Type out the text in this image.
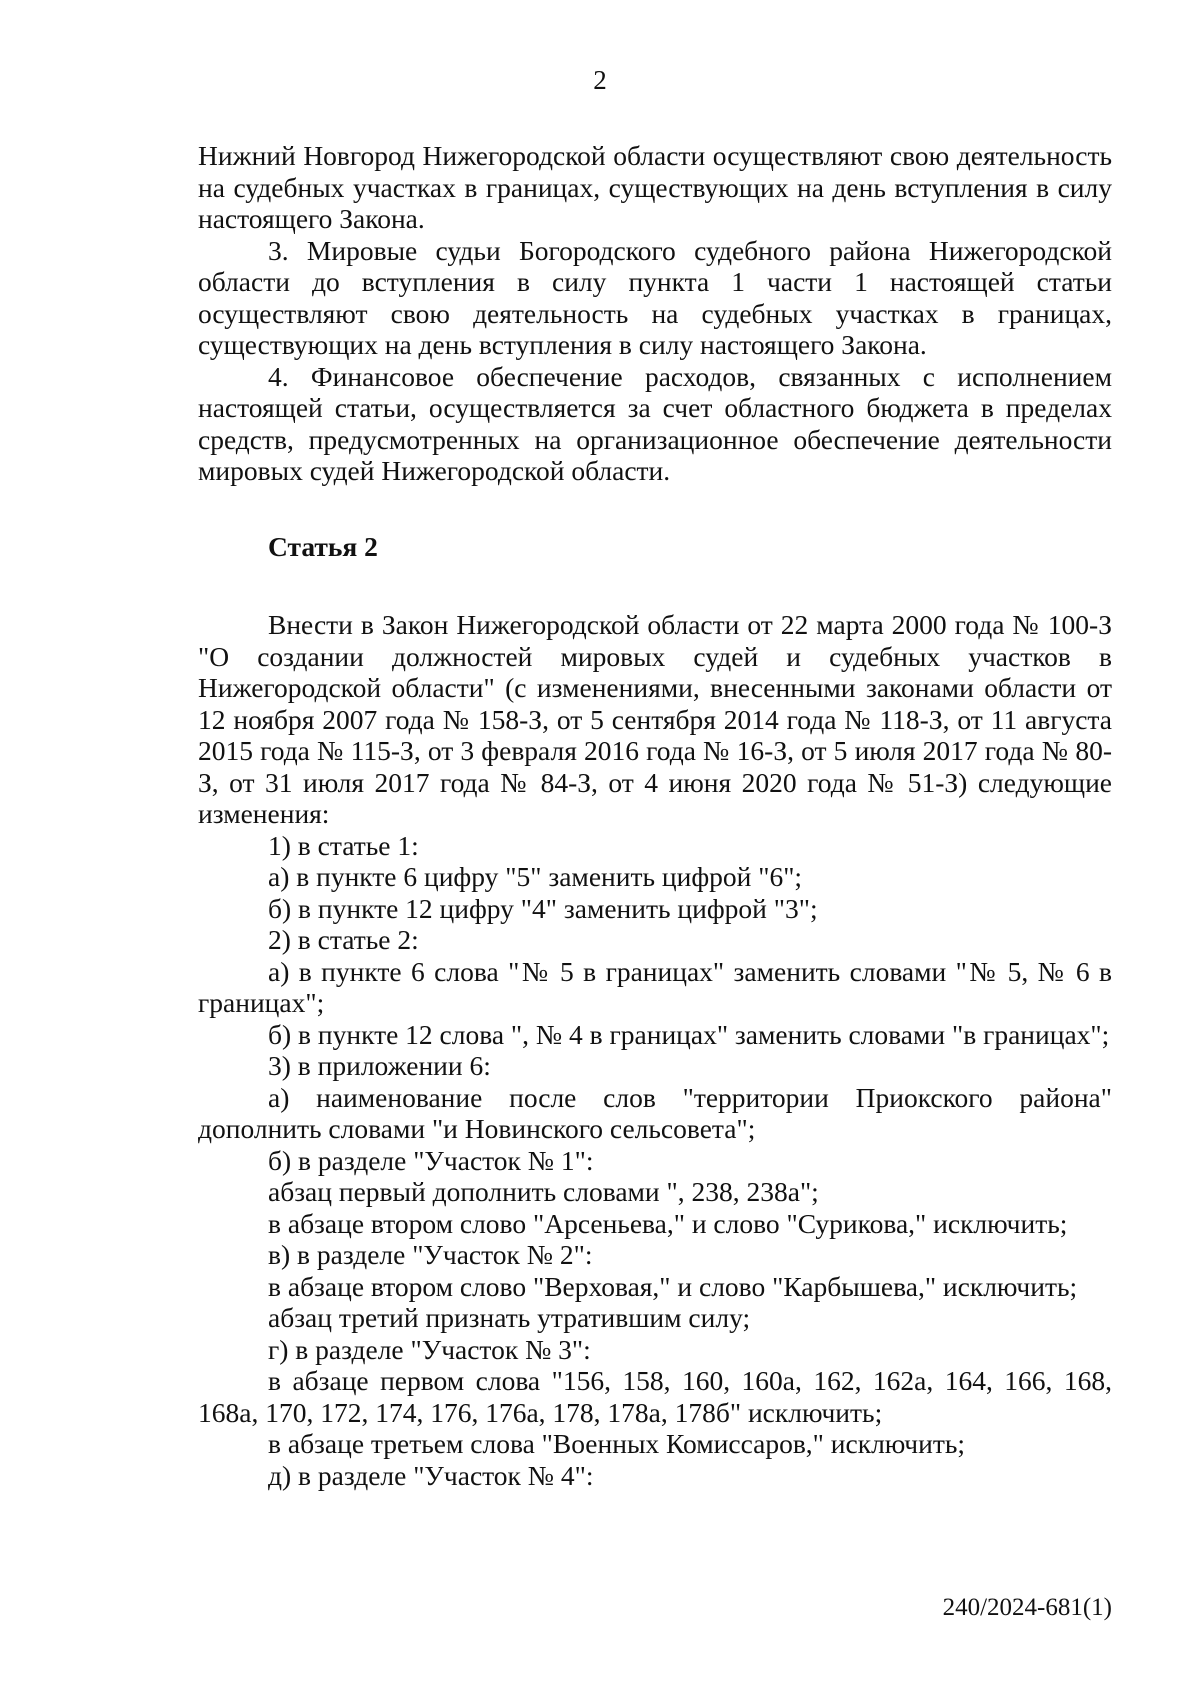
2

Нижний Новгород Нижегородской области осуществляют свою деятельность на судебных участках в границах, существующих на день вступления в силу настоящего Закона.

3. Мировые судьи Богородского судебного района Нижегородской области до вступления в силу пункта 1 части 1 настоящей статьи осуществляют свою деятельность на судебных участках в границах, существующих на день вступления в силу настоящего Закона.

4. Финансовое обеспечение расходов, связанных с исполнением настоящей статьи, осуществляется за счет областного бюджета в пределах средств, предусмотренных на организационное обеспечение деятельности мировых судей Нижегородской области.

Статья 2

Внести в Закон Нижегородской области от 22 марта 2000 года № 100-З "О создании должностей мировых судей и судебных участков в Нижегородской области" (с изменениями, внесенными законами области от 12 ноября 2007 года № 158-З, от 5 сентября 2014 года № 118-З, от 11 августа 2015 года № 115-З, от 3 февраля 2016 года № 16-З, от 5 июля 2017 года № 80-З, от 31 июля 2017 года № 84-З, от 4 июня 2020 года № 51-З) следующие изменения:

1) в статье 1:

а) в пункте 6 цифру "5" заменить цифрой "6";

б) в пункте 12 цифру "4" заменить цифрой "3";

2) в статье 2:

а) в пункте 6 слова "№ 5 в границах" заменить словами "№ 5, № 6 в границах";

б) в пункте 12 слова ", № 4 в границах" заменить словами "в границах";

3) в приложении 6:

а) наименование после слов "территории Приокского района" дополнить словами "и Новинского сельсовета";

б) в разделе "Участок № 1":

абзац первый дополнить словами ", 238, 238а";

в абзаце втором слово "Арсеньева," и слово "Сурикова," исключить;

в) в разделе "Участок № 2":

в абзаце втором слово "Верховая," и слово "Карбышева," исключить;

абзац третий признать утратившим силу;

г) в разделе "Участок № 3":

в абзаце первом слова "156, 158, 160, 160а, 162, 162а, 164, 166, 168, 168а, 170, 172, 174, 176, 176а, 178, 178а, 178б" исключить;

в абзаце третьем слова "Военных Комиссаров," исключить;

д) в разделе "Участок № 4":

240/2024-681(1)
